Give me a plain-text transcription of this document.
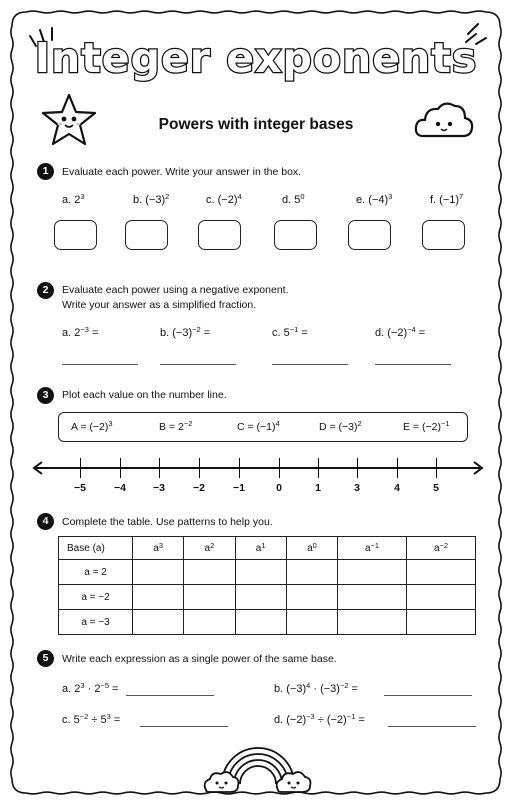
Integer exponents
Powers with integer bases
1	Evaluate each power. Write your answer in the box.
a. $2^3$	b. $(-3)^2$	c. $(-2)^4$	d. $5^0$	e. $(-4)^3$	f. $(-1)^7$
2	Evaluate each power using a negative exponent.
Write your answer as a simplified fraction.
a. $2^{-3}$ =	b. $(-3)^{-2}$ =	c. $5^{-1}$ =	d. $(-2)^{-4}$ =
3	Plot each value on the number line.
$A = (-2)^3$	$B = 2^{-2}$	$C = (-1)^4$	$D = (-3)^2$	$E = (-2)^{-1}$
−5	−4	−3	−2	−1	0	1	3	4	5
4	Complete the table. Use patterns to help you.
Base (a)	$a^3$	$a^2$	$a^1$	$a^0$	$a^{-1}$	$a^{-2}$
a = 2						
a = −2						
a = −3						
5	Write each expression as a single power of the same base.
a. $2^3 \cdot 2^{-5}$ =	b. $(-3)^4 \cdot (-3)^{-2}$ =
c. $5^{-2} \div 5^3$ =	d. $(-2)^{-3} \div (-2)^{-1}$ =
